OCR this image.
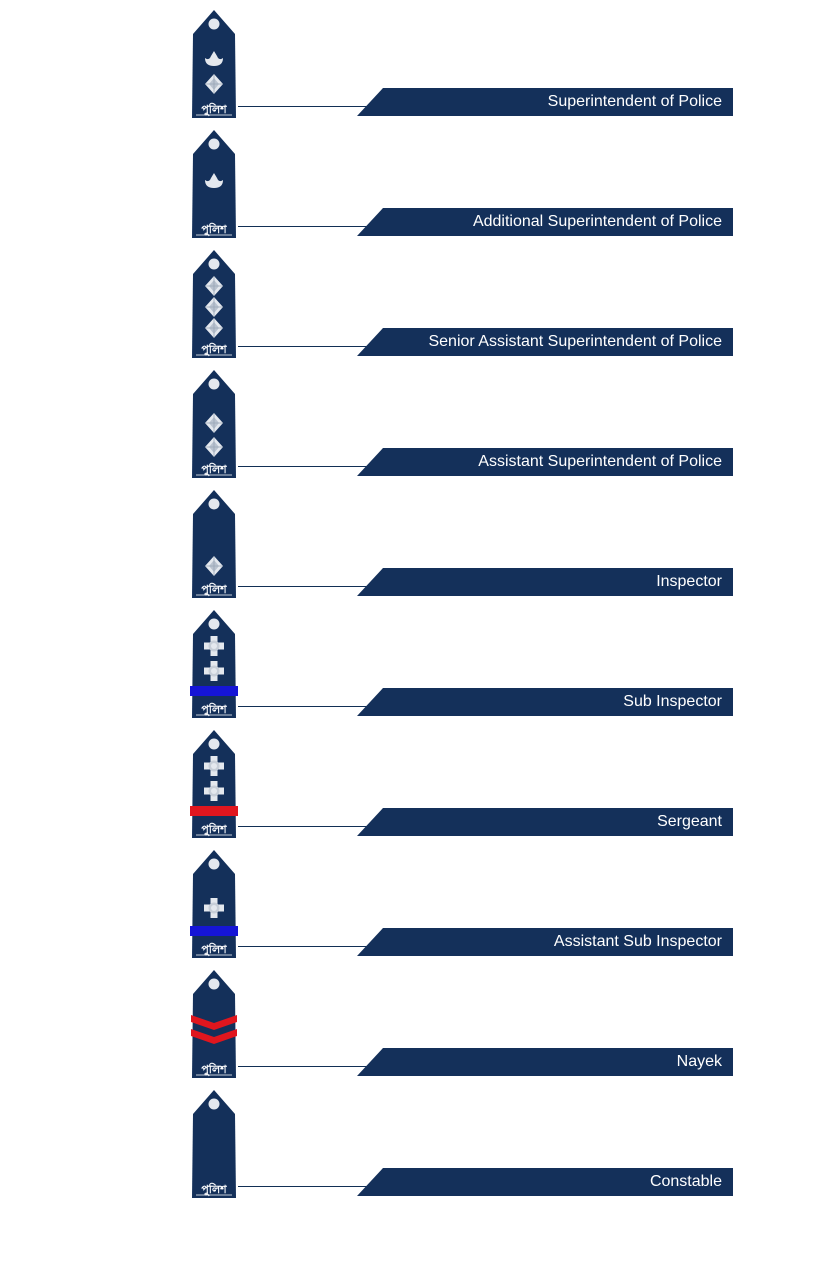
পুলিশ	Superintendent of Police
পুলিশ	Additional Superintendent of Police
পুলিশ	Senior Assistant Superintendent of Police
পুলিশ	Assistant Superintendent of Police
পুলিশ	Inspector
পুলিশ	Sub Inspector
পুলিশ	Sergeant
পুলিশ	Assistant Sub Inspector
পুলিশ	Nayek
পুলিশ	Constable
